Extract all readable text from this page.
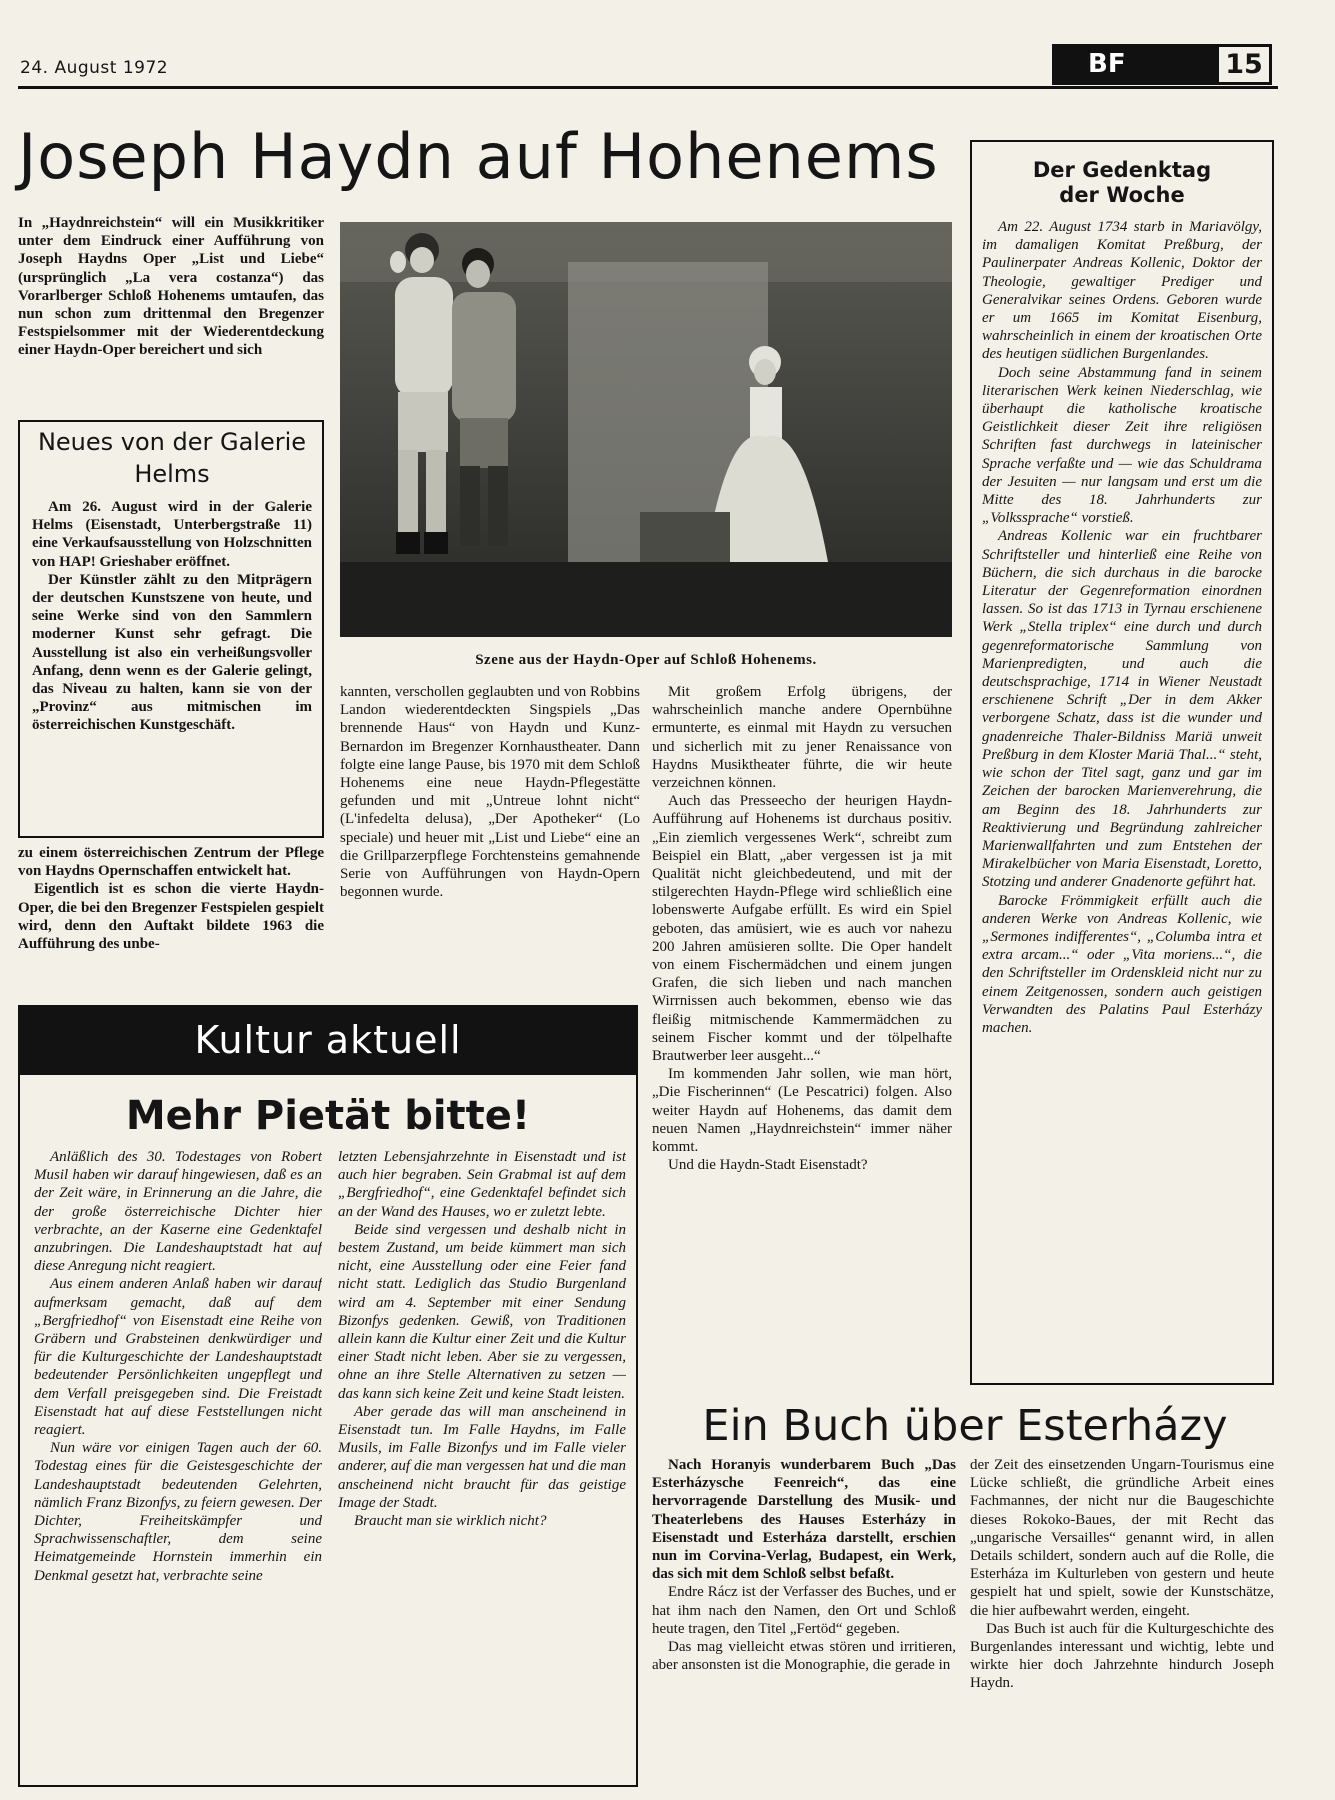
24. August 1972	BF	15
Joseph Haydn auf Hohenems

In „Haydnreichstein“ will ein Musikkritiker unter dem Eindruck einer Aufführung von Joseph Haydns Oper „List und Liebe“ (ursprünglich „La vera costanza“) das Vorarlberger Schloß Hohenems umtaufen, das nun schon zum drittenmal den Bregenzer Festspielsommer mit der Wiederentdeckung einer Haydn-Oper bereichert und sich

Neues von der Galerie Helms

Am 26. August wird in der Galerie Helms (Eisenstadt, Unterbergstraße 11) eine Verkaufsausstellung von Holzschnitten von HAP! Grieshaber eröffnet.

Der Künstler zählt zu den Mitprägern der deutschen Kunstszene von heute, und seine Werke sind von den Sammlern moderner Kunst sehr gefragt. Die Ausstellung ist also ein verheißungsvoller Anfang, denn wenn es der Galerie gelingt, das Niveau zu halten, kann sie von der „Provinz“ aus mitmischen im österreichischen Kunstgeschäft.

zu einem österreichischen Zentrum der Pflege von Haydns Opernschaffen entwickelt hat.

Eigentlich ist es schon die vierte Haydn-Oper, die bei den Bregenzer Festspielen gespielt wird, denn den Auftakt bildete 1963 die Aufführung des unbe-

Szene aus der Haydn-Oper auf Schloß Hohenems.

kannten, verschollen geglaubten und von Robbins Landon wiederentdeckten Singspiels „Das brennende Haus“ von Haydn und Kunz-Bernardon im Bregenzer Kornhaustheater. Dann folgte eine lange Pause, bis 1970 mit dem Schloß Hohenems eine neue Haydn-Pflegestätte gefunden und mit „Untreue lohnt nicht“ (L'infedelta delusa), „Der Apotheker“ (Lo speciale) und heuer mit „List und Liebe“ eine an die Grillparzerpflege Forchtensteins gemahnende Serie von Aufführungen von Haydn-Opern begonnen wurde.

Mit großem Erfolg übrigens, der wahrscheinlich manche andere Opernbühne ermunterte, es einmal mit Haydn zu versuchen und sicherlich mit zu jener Renaissance von Haydns Musiktheater führte, die wir heute verzeichnen können.

Auch das Presseecho der heurigen Haydn-Aufführung auf Hohenems ist durchaus positiv. „Ein ziemlich vergessenes Werk“, schreibt zum Beispiel ein Blatt, „aber vergessen ist ja mit Qualität nicht gleichbedeutend, und mit der stilgerechten Haydn-Pflege wird schließlich eine lobenswerte Aufgabe erfüllt. Es wird ein Spiel geboten, das amüsiert, wie es auch vor nahezu 200 Jahren amüsieren sollte. Die Oper handelt von einem Fischermädchen und einem jungen Grafen, die sich lieben und nach manchen Wirrnissen auch bekommen, ebenso wie das fleißig mitmischende Kammermädchen zu seinem Fischer kommt und der tölpelhafte Brautwerber leer ausgeht...“

Im kommenden Jahr sollen, wie man hört, „Die Fischerinnen“ (Le Pescatrici) folgen. Also weiter Haydn auf Hohenems, das damit dem neuen Namen „Haydnreichstein“ immer näher kommt.

Und die Haydn-Stadt Eisenstadt?

Der Gedenktag
der Woche

Am 22. August 1734 starb in Mariavölgy, im damaligen Komitat Preßburg, der Paulinerpater Andreas Kollenic, Doktor der Theologie, gewaltiger Prediger und Generalvikar seines Ordens. Geboren wurde er um 1665 im Komitat Eisenburg, wahrscheinlich in einem der kroatischen Orte des heutigen südlichen Burgenlandes.

Doch seine Abstammung fand in seinem literarischen Werk keinen Niederschlag, wie überhaupt die katholische kroatische Geistlichkeit dieser Zeit ihre religiösen Schriften fast durchwegs in lateinischer Sprache verfaßte und — wie das Schuldrama der Jesuiten — nur langsam und erst um die Mitte des 18. Jahrhunderts zur „Volkssprache“ vorstieß.

Andreas Kollenic war ein fruchtbarer Schriftsteller und hinterließ eine Reihe von Büchern, die sich durchaus in die barocke Literatur der Gegenreformation einordnen lassen. So ist das 1713 in Tyrnau erschienene Werk „Stella triplex“ eine durch und durch gegenreformatorische Sammlung von Marienpredigten, und auch die deutschsprachige, 1714 in Wiener Neustadt erschienene Schrift „Der in dem Akker verborgene Schatz, dass ist die wunder und gnadenreiche Thaler-Bildniss Mariä unweit Preßburg in dem Kloster Mariä Thal...“ steht, wie schon der Titel sagt, ganz und gar im Zeichen der barocken Marienverehrung, die am Beginn des 18. Jahrhunderts zur Reaktivierung und Begründung zahlreicher Marienwallfahrten und zum Entstehen der Mirakelbücher von Maria Eisenstadt, Loretto, Stotzing und anderer Gnadenorte geführt hat.

Barocke Frömmigkeit erfüllt auch die anderen Werke von Andreas Kollenic, wie „Sermones indifferentes“, „Columba intra et extra arcam...“ oder „Vita moriens...“, die den Schriftsteller im Ordenskleid nicht nur zu einem Zeitgenossen, sondern auch geistigen Verwandten des Palatins Paul Esterházy machen.

Kultur aktuell
Mehr Pietät bitte!

Anläßlich des 30. Todestages von Robert Musil haben wir darauf hingewiesen, daß es an der Zeit wäre, in Erinnerung an die Jahre, die der große österreichische Dichter hier verbrachte, an der Kaserne eine Gedenktafel anzubringen. Die Landeshauptstadt hat auf diese Anregung nicht reagiert.

Aus einem anderen Anlaß haben wir darauf aufmerksam gemacht, daß auf dem „Bergfriedhof“ von Eisenstadt eine Reihe von Gräbern und Grabsteinen denkwürdiger und für die Kulturgeschichte der Landeshauptstadt bedeutender Persönlichkeiten ungepflegt und dem Verfall preisgegeben sind. Die Freistadt Eisenstadt hat auf diese Feststellungen nicht reagiert.

Nun wäre vor einigen Tagen auch der 60. Todestag eines für die Geistesgeschichte der Landeshauptstadt bedeutenden Gelehrten, nämlich Franz Bizonfys, zu feiern gewesen. Der Dichter, Freiheitskämpfer und Sprachwissenschaftler, dem seine Heimatgemeinde Hornstein immerhin ein Denkmal gesetzt hat, verbrachte seine

letzten Lebensjahrzehnte in Eisenstadt und ist auch hier begraben. Sein Grabmal ist auf dem „Bergfriedhof“, eine Gedenktafel befindet sich an der Wand des Hauses, wo er zuletzt lebte.

Beide sind vergessen und deshalb nicht in bestem Zustand, um beide kümmert man sich nicht, eine Ausstellung oder eine Feier fand nicht statt. Lediglich das Studio Burgenland wird am 4. September mit einer Sendung Bizonfys gedenken. Gewiß, von Traditionen allein kann die Kultur einer Zeit und die Kultur einer Stadt nicht leben. Aber sie zu vergessen, ohne an ihre Stelle Alternativen zu setzen — das kann sich keine Zeit und keine Stadt leisten.

Aber gerade das will man anscheinend in Eisenstadt tun. Im Falle Haydns, im Falle Musils, im Falle Bizonfys und im Falle vieler anderer, auf die man vergessen hat und die man anscheinend nicht braucht für das geistige Image der Stadt.

Braucht man sie wirklich nicht?

Ein Buch über Esterházy

Nach Horanyis wunderbarem Buch „Das Esterházysche Feenreich“, das eine hervorragende Darstellung des Musik- und Theaterlebens des Hauses Esterházy in Eisenstadt und Esterháza darstellt, erschien nun im Corvina-Verlag, Budapest, ein Werk, das sich mit dem Schloß selbst befaßt.

Endre Rácz ist der Verfasser des Buches, und er hat ihm nach den Namen, den Ort und Schloß heute tragen, den Titel „Fertöd“ gegeben.

Das mag vielleicht etwas stören und irritieren, aber ansonsten ist die Monographie, die gerade in

der Zeit des einsetzenden Ungarn-Tourismus eine Lücke schließt, die gründliche Arbeit eines Fachmannes, der nicht nur die Baugeschichte dieses Rokoko-Baues, der mit Recht das „ungarische Versailles“ genannt wird, in allen Details schildert, sondern auch auf die Rolle, die Esterháza im Kulturleben von gestern und heute gespielt hat und spielt, sowie der Kunstschätze, die hier aufbewahrt werden, eingeht.

Das Buch ist auch für die Kulturgeschichte des Burgenlandes interessant und wichtig, lebte und wirkte hier doch Jahrzehnte hindurch Joseph Haydn.
